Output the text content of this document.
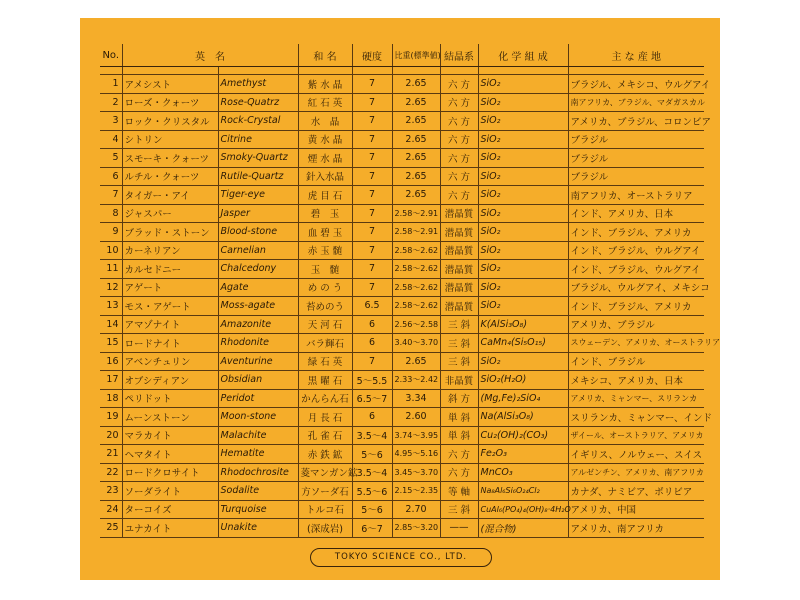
No.	英　名		和 名	硬度	比重(標準値)	結晶系	化 学 組 成	主 な 産 地

1	アメシスト	Amethyst	紫 水 晶	7	2.65	六 方	SiO₂	ブラジル、メキシコ、ウルグアイ
2	ローズ・クォーツ	Rose-Quatrz	紅 石 英	7	2.65	六 方	SiO₂	南アフリカ、ブラジル、マダガスカル
3	ロック・クリスタル	Rock-Crystal	水　晶	7	2.65	六 方	SiO₂	アメリカ、ブラジル、コロンビア
4	シトリン	Citrine	黄 水 晶	7	2.65	六 方	SiO₂	ブラジル
5	スモーキ・クォーツ	Smoky-Quartz	煙 水 晶	7	2.65	六 方	SiO₂	ブラジル
6	ルチル・クォーツ	Rutile-Quartz	針入水晶	7	2.65	六 方	SiO₂	ブラジル
7	タイガー・アイ	Tiger-eye	虎 目 石	7	2.65	六 方	SiO₂	南アフリカ、オーストラリア
8	ジャスパー	Jasper	碧　玉	7	2.58〜2.91	潜晶質	SiO₂	インド、アメリカ、日本
9	ブラッド・ストーン	Blood-stone	血 碧 玉	7	2.58〜2.91	潜晶質	SiO₂	インド、ブラジル、アメリカ
10	カーネリアン	Carnelian	赤 玉 髄	7	2.58〜2.62	潜晶質	SiO₂	インド、ブラジル、ウルグアイ
11	カルセドニー	Chalcedony	玉　髄	7	2.58〜2.62	潜晶質	SiO₂	インド、ブラジル、ウルグアイ
12	アゲート	Agate	め の う	7	2.58〜2.62	潜晶質	SiO₂	ブラジル、ウルグアイ、メキシコ
13	モス・アゲート	Moss-agate	苔めのう	6.5	2.58〜2.62	潜晶質	SiO₂	インド、ブラジル、アメリカ
14	アマゾナイト	Amazonite	天 河 石	6	2.56〜2.58	三 斜	K(AlSi₃O₈)	アメリカ、ブラジル
15	ロードナイト	Rhodonite	バラ輝石	6	3.40〜3.70	三 斜	CaMn₄(Si₅O₁₅)	スウェーデン、アメリカ、オーストラリア
16	アベンチュリン	Aventurine	緑 石 英	7	2.65	三 斜	SiO₂	インド、ブラジル
17	オブシディアン	Obsidian	黒 曜 石	5〜5.5	2.33〜2.42	非晶質	SiO₂(H₂O)	メキシコ、アメリカ、日本
18	ペリドット	Peridot	かんらん石	6.5〜7	3.34	斜 方	(Mg,Fe)₂SiO₄	アメリカ、ミャンマー、スリランカ
19	ムーンストーン	Moon-stone	月 長 石	6	2.60	単 斜	Na(AlSi₃O₈)	スリランカ、ミャンマー、インド
20	マラカイト	Malachite	孔 雀 石	3.5〜4	3.74〜3.95	単 斜	Cu₂(OH)₂(CO₃)	ザイール、オーストラリア、アメリカ
21	ヘマタイト	Hematite	赤 鉄 鉱	5〜6	4.95〜5.16	六 方	Fe₂O₃	イギリス、ノルウェー、スイス
22	ロードクロサイト	Rhodochrosite	菱マンガン鉱	3.5〜4	3.45〜3.70	六 方	MnCO₃	アルゼンチン、アメリカ、南アフリカ
23	ソーダライト	Sodalite	方ソーダ石	5.5〜6	2.15〜2.35	等 軸	Na₈Al₆Si₆O₂₄Cl₂	カナダ、ナミビア、ボリビア
24	ターコイズ	Turquoise	トルコ石	5〜6	2.70	三 斜	CuAl₆(PO₄)₄(OH)₈·4H₂O	アメリカ、中国
25	ユナカイト	Unakite	(深成岩)	6〜7	2.85〜3.20	——	(混合物)	アメリカ、南アフリカ
TOKYO SCIENCE CO., LTD.
